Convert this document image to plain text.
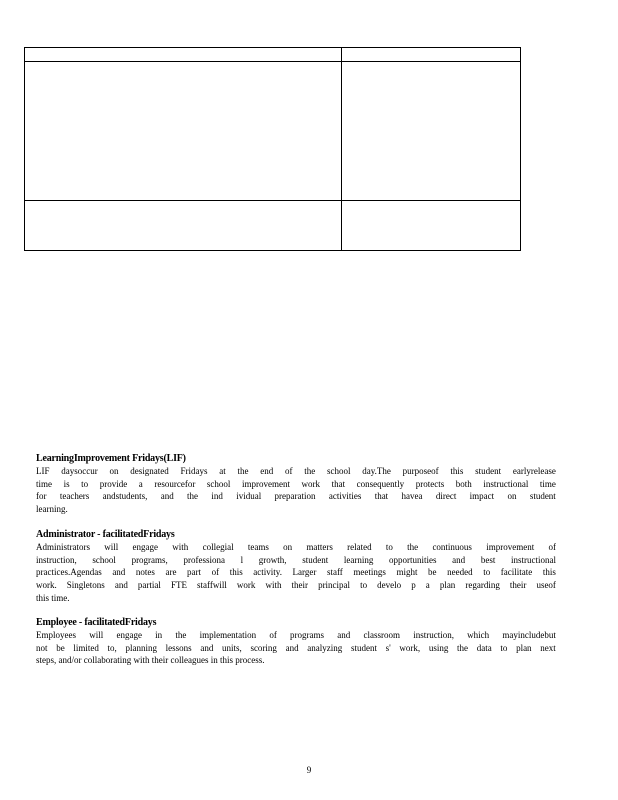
LearningImprovement Fridays(LIF)
LIF daysoccur on designated Fridays at the end of the school day.The purposeof this student earlyrelease
time is to provide a resourcefor school improvement work that consequently protects both instructional time
for teachers andstudents, and the ind ividual preparation activities that havea direct impact on student
learning.
Administrator - facilitatedFridays
Administrators will engage with collegial teams on matters related to the continuous improvement of
instruction, school programs, professiona l growth, student learning opportunities and best instructional
practices.Agendas and notes are part of this activity. Larger staff meetings might be needed to facilitate this
work. Singletons and partial FTE staffwill work with their principal to develo p a plan regarding their useof
this time.
Employee - facilitatedFridays
Employees will engage in the implementation of programs and classroom instruction, which mayincludebut
not be limited to, planning lessons and units, scoring and analyzing student s' work, using the data to plan next
steps, and/or collaborating with their colleagues in this process.
9
